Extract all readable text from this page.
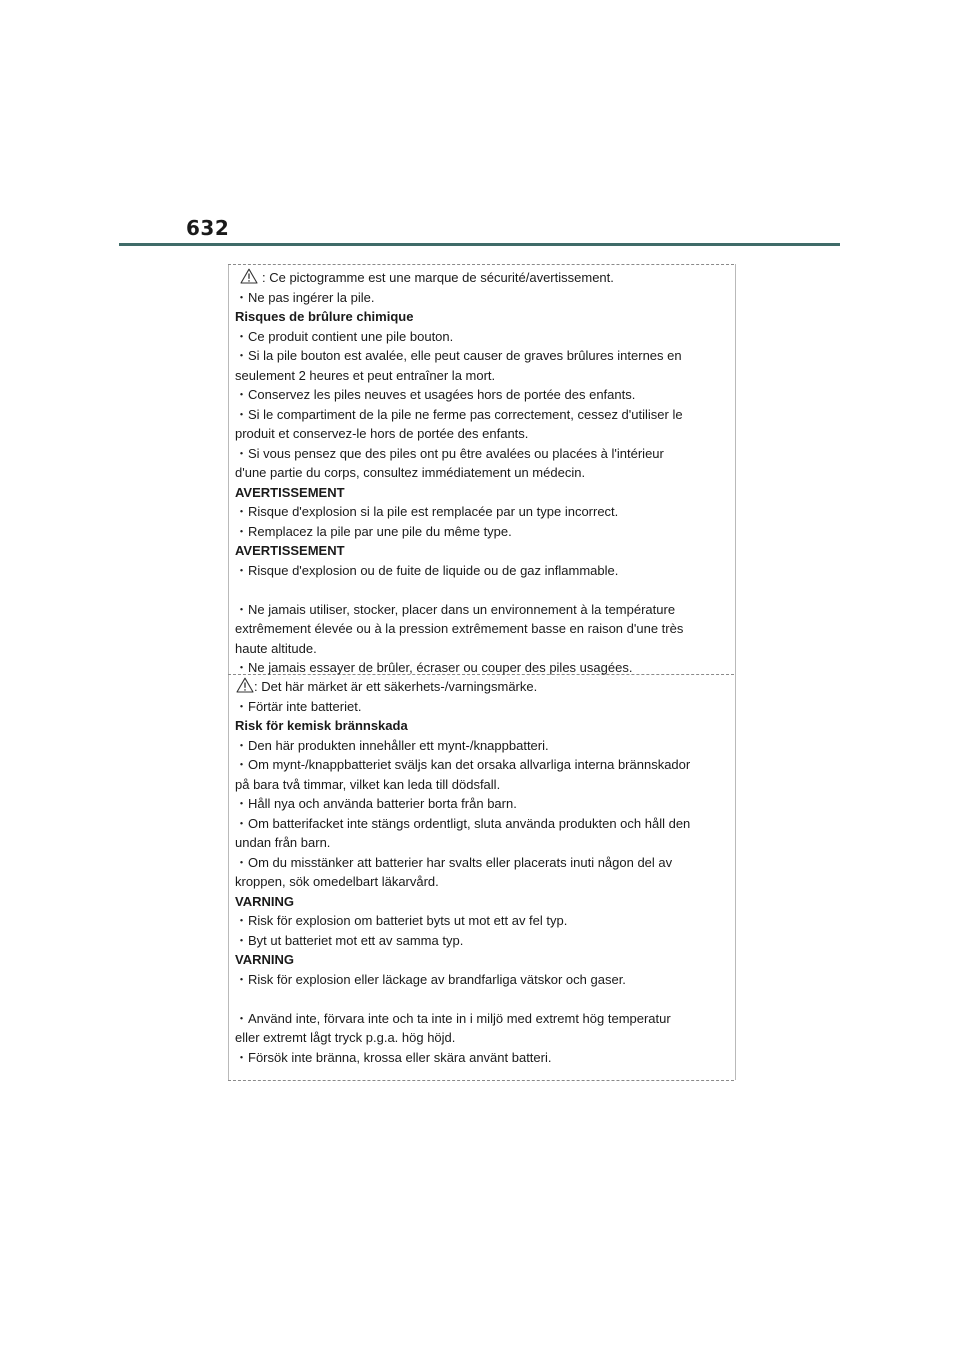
632
: Ce pictogramme est une marque de sécurité/avertissement.
・Ne pas ingérer la pile.
Risques de brûlure chimique
・Ce produit contient une pile bouton.
・Si la pile bouton est avalée, elle peut causer de graves brûlures internes en
seulement 2 heures et peut entraîner la mort.
・Conservez les piles neuves et usagées hors de portée des enfants.
・Si le compartiment de la pile ne ferme pas correctement, cessez d'utiliser le
produit et conservez-le hors de portée des enfants.
・Si vous pensez que des piles ont pu être avalées ou placées à l'intérieur
d'une partie du corps, consultez immédiatement un médecin.
AVERTISSEMENT
・Risque d'explosion si la pile est remplacée par un type incorrect.
・Remplacez la pile par une pile du même type.
AVERTISSEMENT
・Risque d'explosion ou de fuite de liquide ou de gaz inflammable.
・Ne jamais utiliser, stocker, placer dans un environnement à la température
extrêmement élevée ou à la pression extrêmement basse en raison d'une très
haute altitude.
・Ne jamais essayer de brûler, écraser ou couper des piles usagées.
: Det här märket är ett säkerhets-/varningsmärke.
・Förtär inte batteriet.
Risk för kemisk brännskada
・Den här produkten innehåller ett mynt-/knappbatteri.
・Om mynt-/knappbatteriet sväljs kan det orsaka allvarliga interna brännskador
på bara två timmar, vilket kan leda till dödsfall.
・Håll nya och använda batterier borta från barn.
・Om batterifacket inte stängs ordentligt, sluta använda produkten och håll den
undan från barn.
・Om du misstänker att batterier har svalts eller placerats inuti någon del av
kroppen, sök omedelbart läkarvård.
VARNING
・Risk för explosion om batteriet byts ut mot ett av fel typ.
・Byt ut batteriet mot ett av samma typ.
VARNING
・Risk för explosion eller läckage av brandfarliga vätskor och gaser.
・Använd inte, förvara inte och ta inte in i miljö med extremt hög temperatur
eller extremt lågt tryck p.g.a. hög höjd.
・Försök inte bränna, krossa eller skära använt batteri.
